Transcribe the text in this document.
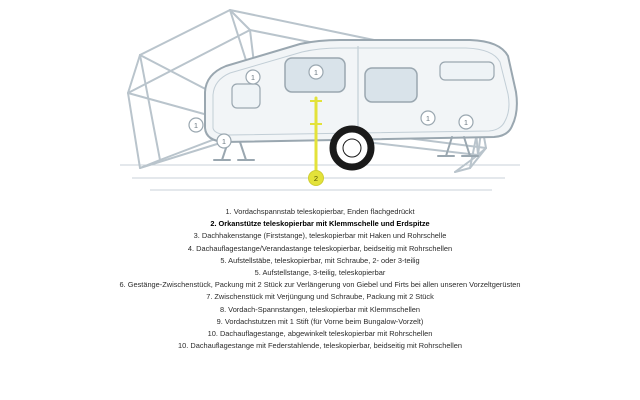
1
1
1
1
1	1
2
1. Vordachspannstab teleskopierbar, Enden flachgedrückt
2. Orkanstütze teleskopierbar mit Klemmschelle und Erdspitze
3. Dachhakenstange (Firststange), teleskopierbar mit Haken und Rohrschelle
4. Dachauflagestange/Verandastange teleskopierbar, beidseitig mit Rohrschellen
5. Aufstellstäbe, teleskopierbar, mit Schraube, 2- oder 3-teilig
5. Aufstellstange, 3-teilig, teleskopierbar
6. Gestänge-Zwischenstück, Packung mit 2 Stück zur Verlängerung von Giebel und Firts bei allen unseren Vorzeltgerüsten
7. Zwischenstück mit Verjüngung und Schraube, Packung mit 2 Stück
8. Vordach-Spannstangen, teleskopierbar mit Klemmschellen
9. Vordachstutzen mit 1 Stift (für Vorne beim Bungalow-Vorzelt)
10. Dachauflagestange, abgewinkelt teleskopierbar mit Rohrschellen
10. Dachauflagestange mit Federstahlende, teleskopierbar, beidseitig mit Rohrschellen
